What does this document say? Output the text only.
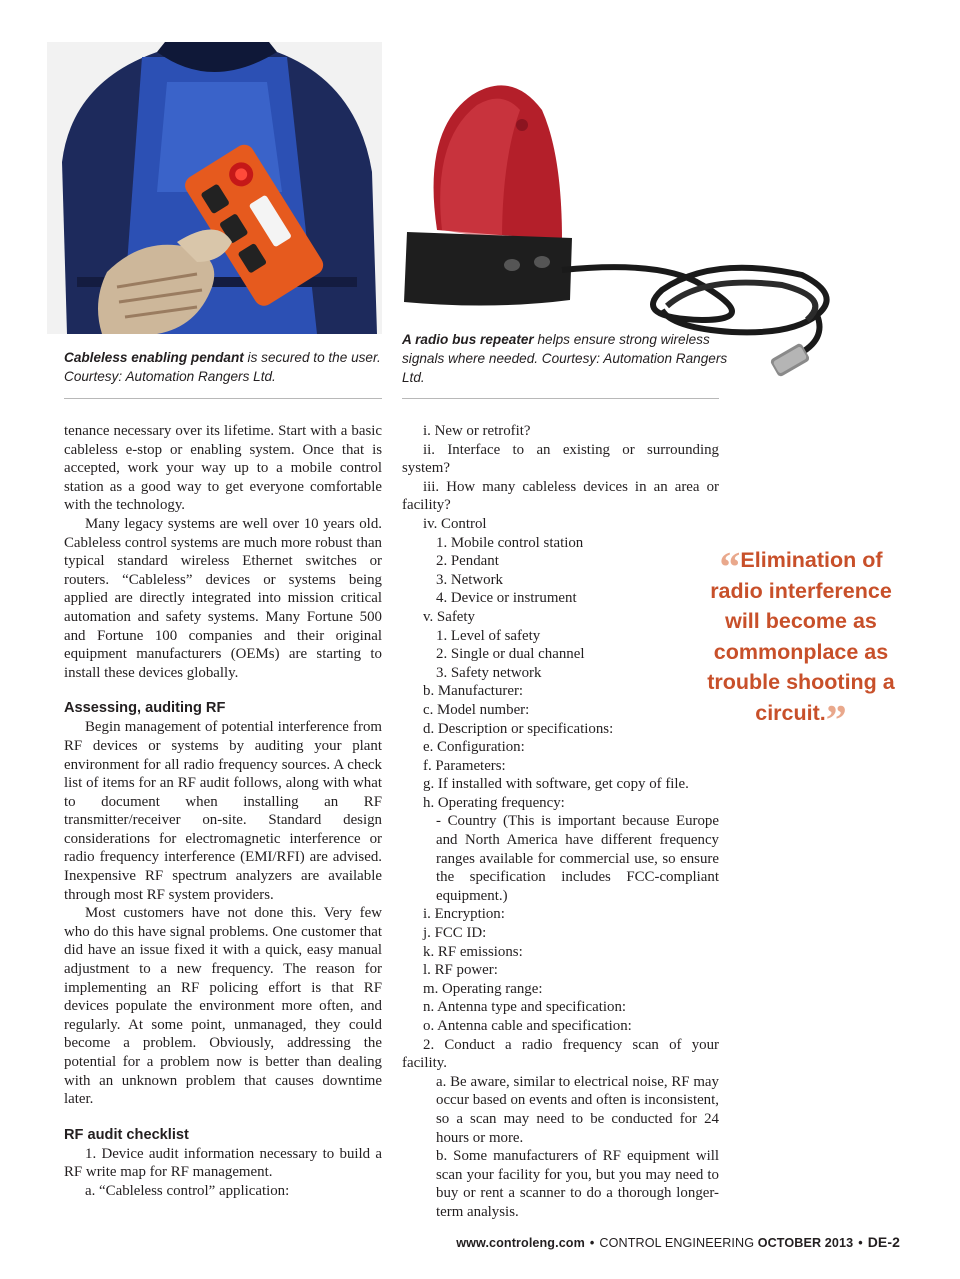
Cableless enabling pendant is secured to the user. Courtesy: Automation Rangers Ltd.
A radio bus repeater helps ensure strong wireless signals where needed. Courtesy: Automation Rangers Ltd.

tenance necessary over its lifetime. Start with a basic cableless e-stop or enabling system. Once that is accepted, work your way up to a mobile control station as a good way to get everyone comfortable with the technology.

Many legacy systems are well over 10 years old. Cableless control systems are much more robust than typical standard wireless Ethernet switches or routers. “Cableless” devices or systems being applied are directly integrated into mission critical automation and safety systems. Many Fortune 500 and Fortune 100 companies and their original equipment manufacturers (OEMs) are starting to install these devices globally.

Assessing, auditing RF

Begin management of potential interference from RF devices or systems by auditing your plant environment for all radio frequency sources. A check list of items for an RF audit follows, along with what to document when installing an RF transmitter/receiver on-site. Standard design considerations for electromagnetic interference or radio frequency interference (EMI/RFI) are advised. Inexpensive RF spectrum analyzers are available through most RF system providers.

Most customers have not done this. Very few who do this have signal problems. One customer that did have an issue fixed it with a quick, easy manual adjustment to a new frequency. The reason for implementing an RF policing effort is that RF devices populate the environment more often, and regularly. At some point, unmanaged, they could become a problem. Obviously, addressing the potential for a problem now is better than dealing with an unknown problem that causes downtime later.

RF audit checklist

1. Device audit information necessary to build a RF write map for RF management.

a. “Cableless control” application:

i. New or retrofit?

ii. Interface to an existing or surrounding system?

iii. How many cableless devices in an area or facility?

iv. Control

1. Mobile control station

2. Pendant

3. Network

4. Device or instrument

v. Safety

1. Level of safety

2. Single or dual channel

3. Safety network

b. Manufacturer:

c. Model number:

d. Description or specifications:

e. Configuration:

f. Parameters:

g. If installed with software, get copy of file.

h. Operating frequency:

- Country (This is important because Europe and North America have different frequency ranges available for commercial use, so ensure the specification includes FCC-compliant equipment.)

i. Encryption:

j. FCC ID:

k. RF emissions:

l. RF power:

m. Operating range:

n. Antenna type and specification:

o. Antenna cable and specification:

2. Conduct a radio frequency scan of your facility.

a. Be aware, similar to electrical noise, RF may occur based on events and often is inconsistent, so a scan may need to be conducted for 24 hours or more.

b. Some manufacturers of RF equipment will scan your facility for you, but you may need to buy or rent a scanner to do a thorough longer-term analysis.

“Elimination of radio interference will become as commonplace as trouble shooting a circuit.”
www.controleng.com • CONTROL ENGINEERING OCTOBER 2013 • DE-2
